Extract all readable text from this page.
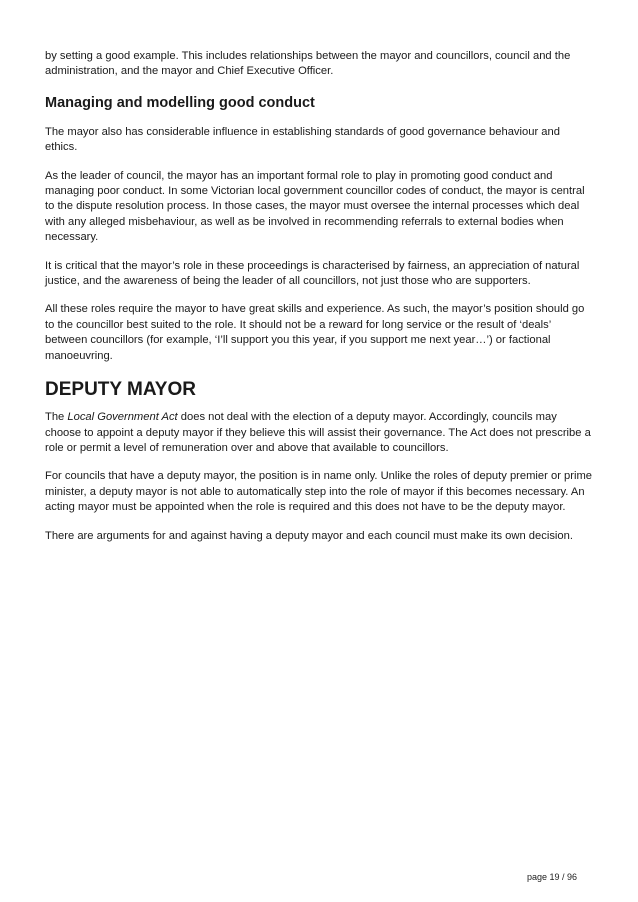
by setting a good example. This includes relationships between the mayor and councillors, council and the administration, and the mayor and Chief Executive Officer.

Managing and modelling good conduct

The mayor also has considerable influence in establishing standards of good governance behaviour and ethics.

As the leader of council, the mayor has an important formal role to play in promoting good conduct and managing poor conduct. In some Victorian local government councillor codes of conduct, the mayor is central to the dispute resolution process. In those cases, the mayor must oversee the internal processes which deal with any alleged misbehaviour, as well as be involved in recommending referrals to external bodies when necessary.

It is critical that the mayor’s role in these proceedings is characterised by fairness, an appreciation of natural justice, and the awareness of being the leader of all councillors, not just those who are supporters.

All these roles require the mayor to have great skills and experience. As such, the mayor’s position should go to the councillor best suited to the role. It should not be a reward for long service or the result of ‘deals’ between councillors (for example, ‘I’ll support you this year, if you support me next year…’) or factional manoeuvring.

DEPUTY MAYOR

The Local Government Act does not deal with the election of a deputy mayor. Accordingly, councils may choose to appoint a deputy mayor if they believe this will assist their governance. The Act does not prescribe a role or permit a level of remuneration over and above that available to councillors.

For councils that have a deputy mayor, the position is in name only. Unlike the roles of deputy premier or prime minister, a deputy mayor is not able to automatically step into the role of mayor if this becomes necessary. An acting mayor must be appointed when the role is required and this does not have to be the deputy mayor.

There are arguments for and against having a deputy mayor and each council must make its own decision.

page 19 / 96
